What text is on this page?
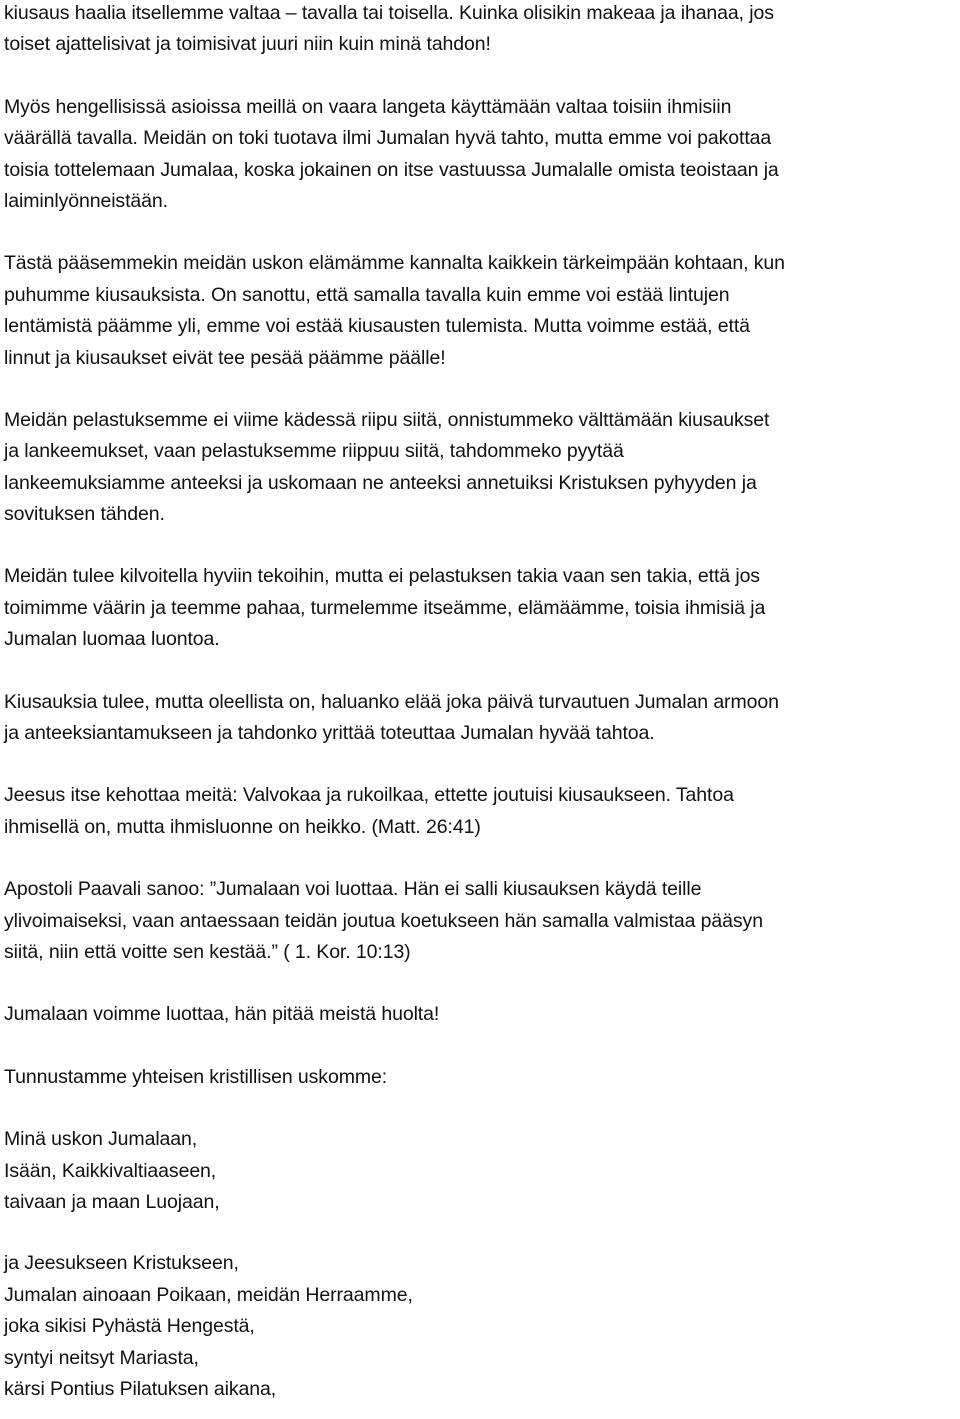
kiusaus haalia itsellemme valtaa – tavalla tai toisella. Kuinka olisikin makeaa ja ihanaa, jos
toiset ajattelisivat ja toimisivat juuri niin kuin minä tahdon!

Myös hengellisissä asioissa meillä on vaara langeta käyttämään valtaa toisiin ihmisiin
väärällä tavalla. Meidän on toki tuotava ilmi Jumalan hyvä tahto, mutta emme voi pakottaa
toisia tottelemaan Jumalaa, koska jokainen on itse vastuussa Jumalalle omista teoistaan ja
laiminlyönneistään.

Tästä pääsemmekin meidän uskon elämämme kannalta kaikkein tärkeimpään kohtaan, kun
puhumme kiusauksista. On sanottu, että samalla tavalla kuin emme voi estää lintujen
lentämistä päämme yli, emme voi estää kiusausten tulemista. Mutta voimme estää, että
linnut ja kiusaukset eivät tee pesää päämme päälle!

Meidän pelastuksemme ei viime kädessä riipu siitä, onnistummeko välttämään kiusaukset
ja lankeemukset, vaan pelastuksemme riippuu siitä, tahdommeko pyytää
lankeemuksiamme anteeksi ja uskomaan ne anteeksi annetuiksi Kristuksen pyhyyden ja
sovituksen tähden.

Meidän tulee kilvoitella hyviin tekoihin, mutta ei pelastuksen takia vaan sen takia, että jos
toimimme väärin ja teemme pahaa, turmelemme itseämme, elämäämme, toisia ihmisiä ja
Jumalan luomaa luontoa.

Kiusauksia tulee, mutta oleellista on, haluanko elää joka päivä turvautuen Jumalan armoon
ja anteeksiantamukseen ja tahdonko yrittää toteuttaa Jumalan hyvää tahtoa.

Jeesus itse kehottaa meitä: Valvokaa ja rukoilkaa, ettette joutuisi kiusaukseen. Tahtoa
ihmisellä on, mutta ihmisluonne on heikko. (Matt. 26:41)

Apostoli Paavali sanoo: ”Jumalaan voi luottaa. Hän ei salli kiusauksen käydä teille
ylivoimaiseksi, vaan antaessaan teidän joutua koetukseen hän samalla valmistaa pääsyn
siitä, niin että voitte sen kestää.” ( 1. Kor. 10:13)

Jumalaan voimme luottaa, hän pitää meistä huolta!

Tunnustamme yhteisen kristillisen uskomme:

Minä uskon Jumalaan,
Isään, Kaikkivaltiaaseen,
taivaan ja maan Luojaan,

ja Jeesukseen Kristukseen,
Jumalan ainoaan Poikaan, meidän Herraamme,
joka sikisi Pyhästä Hengestä,
syntyi neitsyt Mariasta,
kärsi Pontius Pilatuksen aikana,
